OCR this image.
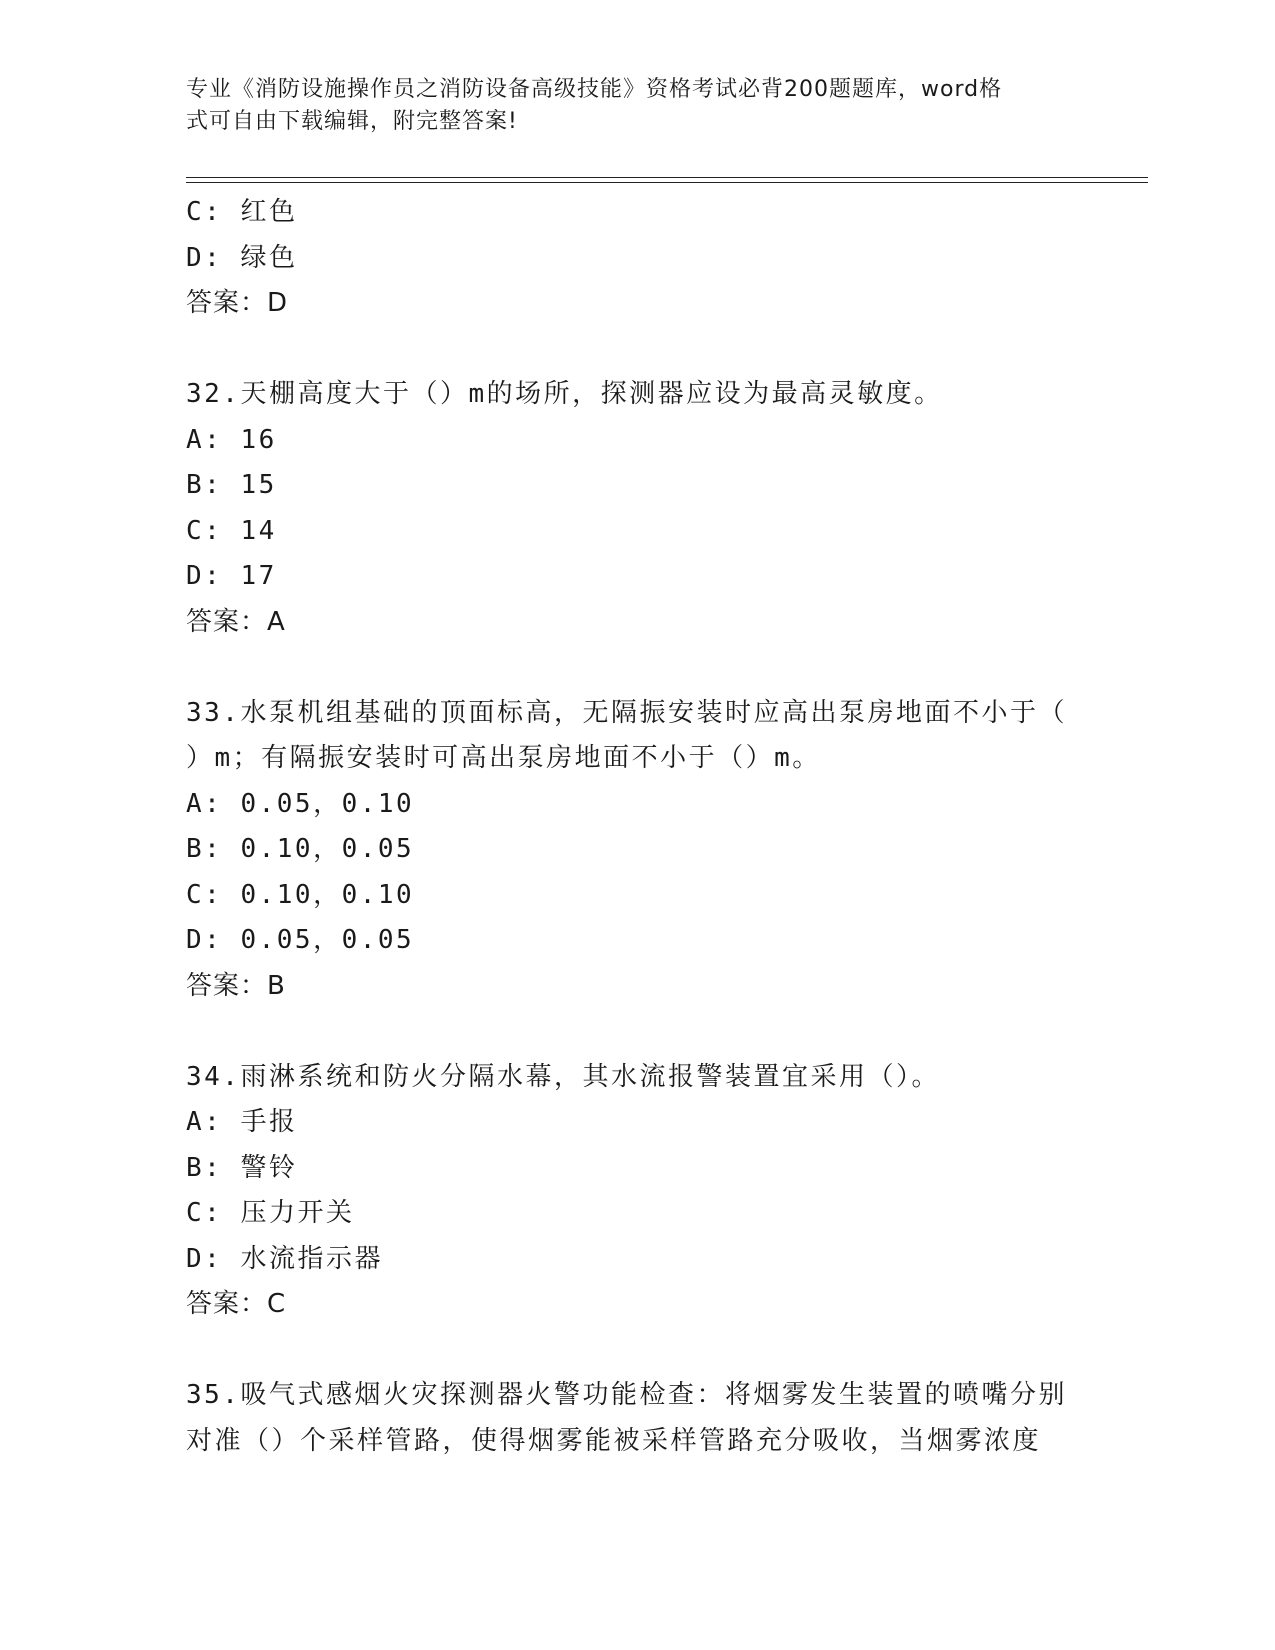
专业《消防设施操作员之消防设备高级技能》资格考试必背200题题库，word格
式可自由下载编辑，附完整答案!
C: 红色
D: 绿色
答案：D
32.天棚高度大于（）m的场所，探测器应设为最高灵敏度。
A: 16
B: 15
C: 14
D: 17
答案：A
33.水泵机组基础的顶面标高，无隔振安装时应高出泵房地面不小于（
）m；有隔振安装时可高出泵房地面不小于（）m。
A: 0.05，0.10
B: 0.10，0.05
C: 0.10，0.10
D: 0.05，0.05
答案：B
34.雨淋系统和防火分隔水幕，其水流报警装置宜采用（）。
A: 手报
B: 警铃
C: 压力开关
D: 水流指示器
答案：C
35.吸气式感烟火灾探测器火警功能检查：将烟雾发生装置的喷嘴分别
对准（）个采样管路，使得烟雾能被采样管路充分吸收，当烟雾浓度
